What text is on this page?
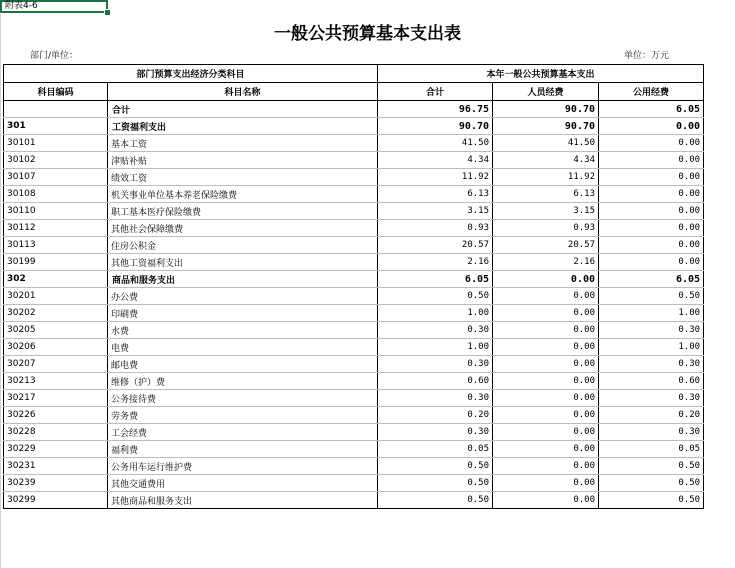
附表4-6
一般公共预算基本支出表
部门/单位：	单位：万元
部门预算支出经济分类科目		本年一般公共预算基本支出		
科目编码	科目名称	合计	人员经费	公用经费
	合计	96.75	90.70	6.05
301	工资福利支出	90.70	90.70	0.00
30101	基本工资	41.50	41.50	0.00
30102	津贴补贴	4.34	4.34	0.00
30107	绩效工资	11.92	11.92	0.00
30108	机关事业单位基本养老保险缴费	6.13	6.13	0.00
30110	职工基本医疗保险缴费	3.15	3.15	0.00
30112	其他社会保障缴费	0.93	0.93	0.00
30113	住房公积金	20.57	20.57	0.00
30199	其他工资福利支出	2.16	2.16	0.00
302	商品和服务支出	6.05	0.00	6.05
30201	办公费	0.50	0.00	0.50
30202	印刷费	1.00	0.00	1.00
30205	水费	0.30	0.00	0.30
30206	电费	1.00	0.00	1.00
30207	邮电费	0.30	0.00	0.30
30213	维修（护）费	0.60	0.00	0.60
30217	公务接待费	0.30	0.00	0.30
30226	劳务费	0.20	0.00	0.20
30228	工会经费	0.30	0.00	0.30
30229	福利费	0.05	0.00	0.05
30231	公务用车运行维护费	0.50	0.00	0.50
30239	其他交通费用	0.50	0.00	0.50
30299	其他商品和服务支出	0.50	0.00	0.50
